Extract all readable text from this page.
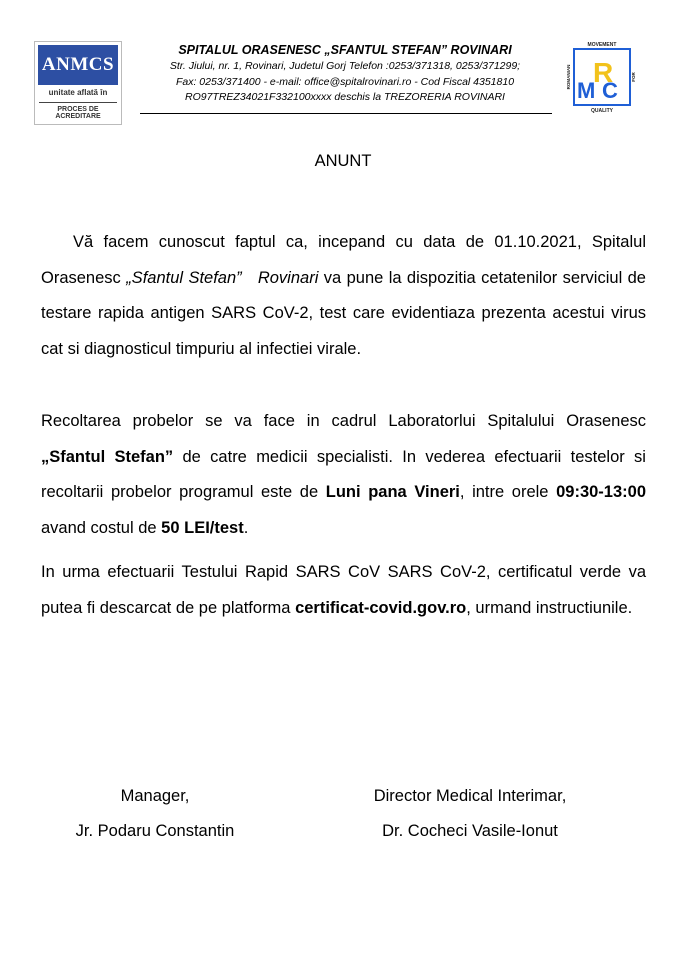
ANMCS
unitate aflată în
PROCES DE ACREDITARE
SPITALUL ORASENESC „SFANTUL STEFAN” ROVINARI
Str. Jiului, nr. 1, Rovinari, Judetul Gorj Telefon :0253/371318, 0253/371299;
Fax: 0253/371400 - e-mail: office@spitalrovinari.ro - Cod Fiscal 4351810
RO97TREZ34021F332100xxxx deschis la TREZORERIA ROVINARI
MOVEMENT
QUALITY
ROMANIAN	FOR
R
M C
ANUNT
Vă facem cunoscut faptul ca, incepand cu data de 01.10.2021, Spitalul Orasenesc „Sfantul Stefan” Rovinari va pune la dispozitia cetatenilor serviciul de testare rapida antigen SARS CoV-2, test care evidentiaza prezenta acestui virus cat si diagnosticul timpuriu al infectiei virale.
Recoltarea probelor se va face in cadrul Laboratorlui Spitalului Orasenesc „Sfantul Stefan” de catre medicii specialisti. In vederea efectuarii testelor si recoltarii probelor programul este de Luni pana Vineri, intre orele 09:30-13:00 avand costul de 50 LEI/test.
In urma efectuarii Testului Rapid SARS CoV SARS CoV-2, certificatul verde va putea fi descarcat de pe platforma certificat-covid.gov.ro, urmand instructiunile.
Manager,
Jr. Podaru Constantin
Director Medical Interimar,
Dr. Cocheci Vasile-Ionut
